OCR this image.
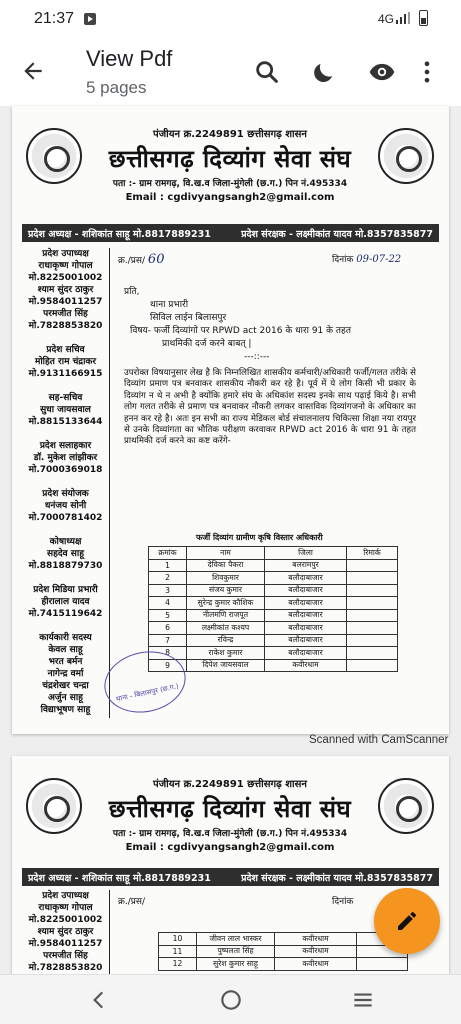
21:37	4G
View Pdf
5 pages
पंजीयन क्र.2249891 छत्तीसगढ़ शासन
छत्तीसगढ़ दिव्यांग सेवा संघ
पता :- ग्राम रामगढ़, वि.ख.व जिला-मुंगेली (छ.ग.) पिन नं.495334
Email : cgdivyangsangh2@gmail.com
प्रदेश अध्यक्ष - शशिकांत साहू मो.8817889231	प्रदेश संरक्षक - लक्ष्मीकांत यादव मो.8357835877
प्रदेश उपाध्यक्ष
राधाकृष्ण गोपाल
मो.8225001002
श्याम सुंदर ठाकुर
मो.9584011257
परमजीत सिंह
मो.7828853820
प्रदेश सचिव
मोहित राम चंद्राकर
मो.9131166915
सह-सचिव
सुधा जायसवाल
मो.8815133644
प्रदेश सलाहकार
डॉ. मुकेश लांझीकर
मो.7000369018
प्रदेश संयोजक
धनंजय सोनी
मो.7000781402
कोषाध्यक्ष
सहदेव साहू
मो.8818879730
प्रदेश मिडिया प्रभारी
हीरालाल यादव
मो.7415119642
कार्यकारी सदस्य
केवल साहू
भरत बर्मन
नागेन्द्र वर्मा
चंद्रशेखर चन्द्रा
अर्जुन साहू
विद्याभूषण साहू
क्र./प्रस/ 60	दिनांक 09-07-22
प्रति,
थाना प्रभारी
सिविल लाईन बिलासपुर
विषय- फर्जी दिव्यांगो पर RPWD act 2016 के धारा 91 के तहत
प्राथमिकी दर्ज करने बाबत् |
---::---
उपरोक्त विषयानुसार लेख है कि निम्नलिखित शासकीय कर्मचारी/अधिकारी फर्जी/गलत तरीके से दिव्यांग प्रमाण पत्र बनवाकर शासकीय नौकरी कर रहे है। पूर्व में ये लोग किसी भी प्रकार के दिव्यांग न थे न अभी है क्योंकि हमारे संघ के अधिकांश सदस्य इनके साथ पढ़ाई किये है। सभी लोग गलत तरीके से प्रमाण पत्र बनवाकर नौकरी लगकर वास्तविक दिव्यांगजनो के अधिकार का हनन कर रहे है। अतः इन सभी का राज्य मेडिकल बोर्ड संचालनालय चिकित्सा शिक्षा नया रायपुर से उनके दिव्यांगता का भौतिक परीक्षण करवाकर RPWD act 2016 के धारा 91 के तहत प्राथमिकी दर्ज करने का कष्ट करेंगे-
फर्जी दिव्यांग ग्रामीण कृषि विस्तार अधिकारी
क्रमांक	नाम	जिला	रिमार्क
1	देविका पैकरा	बलरामपुर	
2	शिवकुमार	बलौदाबाजार	
3	संजय कुमार	बलौदाबाजार	
4	सुरेन्द्र कुमार कौशिक	बलौदाबाजार	
5	नीलमणि राजपूत	बलौदाबाजार	
6	लक्ष्मीकांत कश्यप	बलौदाबाजार	
7	रविन्द्र	बलौदाबाजार	
8	राकेश कुमार	बलौदाबाजार	
9	दिपेश जायसवाल	कवीरधाम	
थाना - बिलासपुर (छ.ग.)
Scanned with CamScanner
पंजीयन क्र.2249891 छत्तीसगढ़ शासन
छत्तीसगढ़ दिव्यांग सेवा संघ
पता :- ग्राम रामगढ़, वि.ख.व जिला-मुंगेली (छ.ग.) पिन नं.495334
Email : cgdivyangsangh2@gmail.com
प्रदेश अध्यक्ष - शशिकांत साहू मो.8817889231	प्रदेश संरक्षक - लक्ष्मीकांत यादव मो.8357835877
प्रदेश उपाध्यक्ष
राधाकृष्ण गोपाल
मो.8225001002
श्याम सुंदर ठाकुर
मो.9584011257
परमजीत सिंह
मो.7828853820
क्र./प्रस/	दिनांक
10	जीवन लाल भास्कर	कवीरधाम	
11	पुष्पलता सिंह	कवीरधाम	
12	सुरेश कुमार साहू	कवीरधाम	
